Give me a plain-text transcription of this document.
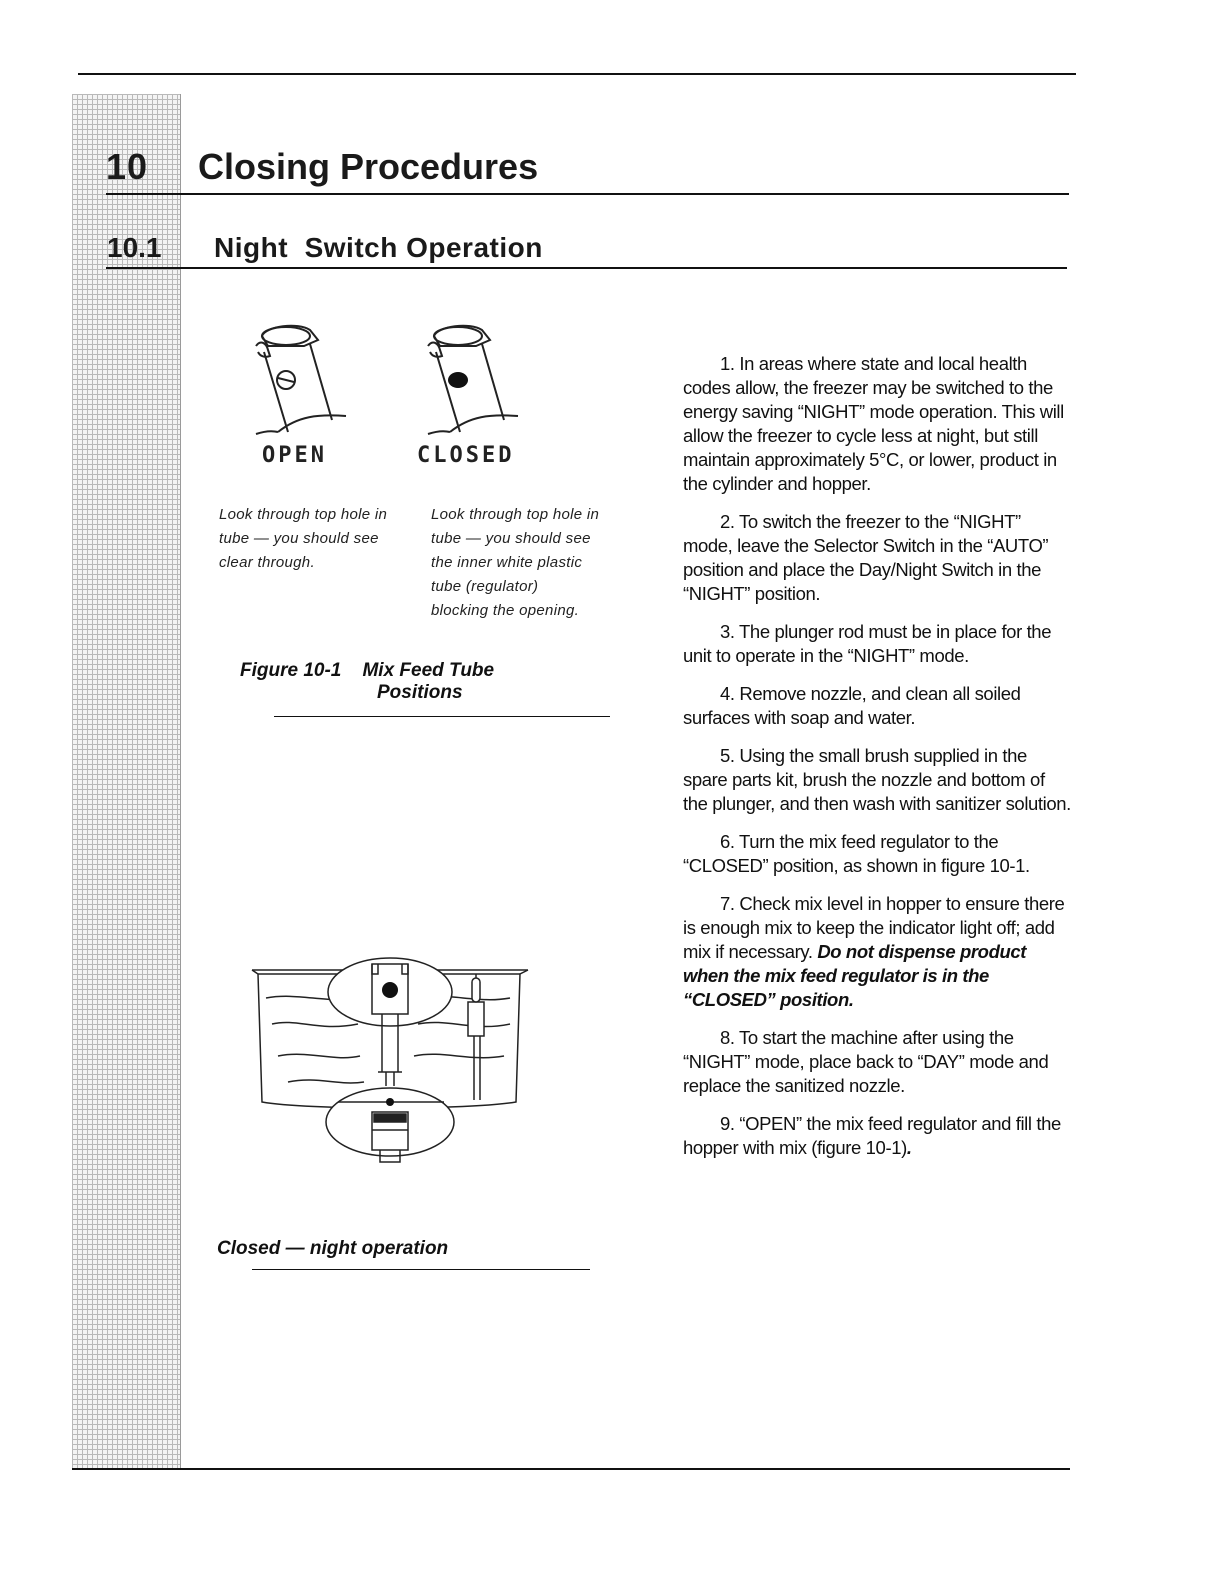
10 Closing Procedures
10.1 Night  Switch Operation
OPEN	CLOSED
Look through top hole in
tube — you should see
clear through.
Look through top hole in
tube — you should see
the inner white plastic
tube (regulator)
blocking the opening.
Figure 10-1    Mix Feed Tube
Positions
Closed — night operation

1. In areas where state and local health codes allow, the freezer may be switched to the energy saving “NIGHT” mode operation. This will allow the freezer to cycle less at night, but still maintain approximately 5°C, or lower, product in the cylinder and hopper.

2. To switch the freezer to the “NIGHT” mode, leave the Selector Switch in the “AUTO” position and place the Day/Night Switch in the “NIGHT” position.

3. The plunger rod must be in place for the unit to operate in the “NIGHT” mode.

4. Remove nozzle, and clean all soiled surfaces with soap and water.

5. Using the small brush supplied in the spare parts kit, brush the nozzle and bottom of the plunger, and then wash with sanitizer solution.

6. Turn the mix feed regulator to the “CLOSED” position, as shown in figure 10-1.

7. Check mix level in hopper to ensure there is enough mix to keep the indicator light off; add mix if necessary. Do not dispense product when the mix feed regulator is in the “CLOSED” position.

8. To start the machine after using the “NIGHT” mode, place back to “DAY” mode and replace the sanitized nozzle.

9. “OPEN” the mix feed regulator and fill the hopper with mix (figure 10-1).
